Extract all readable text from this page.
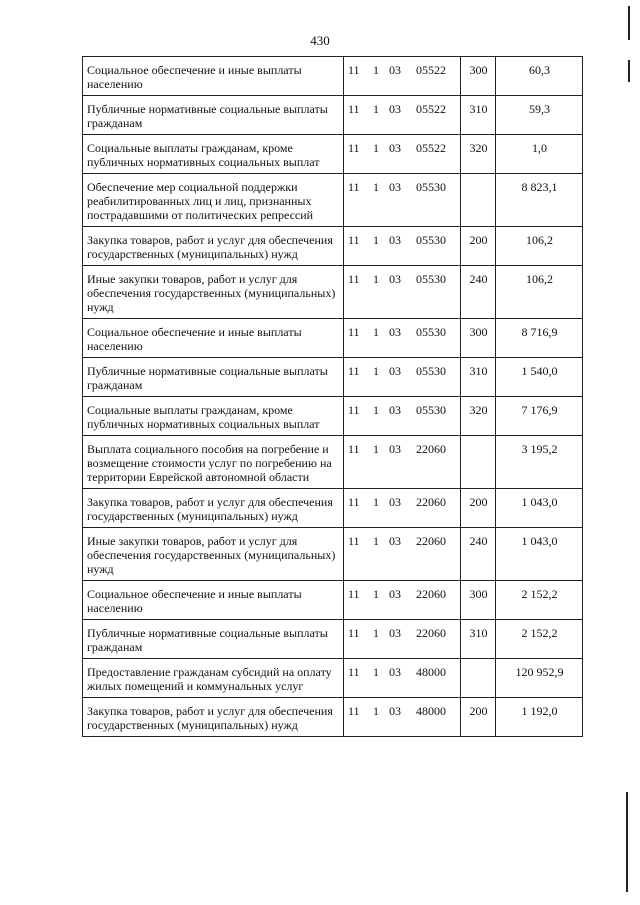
430
Социальное обеспечение и иные выплаты населению	11 1 03 05522	300	60,3
Публичные нормативные социальные выплаты гражданам	11 1 03 05522	310	59,3
Социальные выплаты гражданам, кроме публичных нормативных социальных выплат	11 1 03 05522	320	1,0
Обеспечение мер социальной поддержки реабилитированных лиц и лиц, признанных пострадавшими от политических репрессий	11 1 03 05530		8 823,1
Закупка товаров, работ и услуг для обеспечения государственных (муниципальных) нужд	11 1 03 05530	200	106,2
Иные закупки товаров, работ и услуг для обеспечения государственных (муниципальных) нужд	11 1 03 05530	240	106,2
Социальное обеспечение и иные выплаты населению	11 1 03 05530	300	8 716,9
Публичные нормативные социальные выплаты гражданам	11 1 03 05530	310	1 540,0
Социальные выплаты гражданам, кроме публичных нормативных социальных выплат	11 1 03 05530	320	7 176,9
Выплата социального пособия на погребение и возмещение стоимости услуг по погребению на территории Еврейской автономной области	11 1 03 22060		3 195,2
Закупка товаров, работ и услуг для обеспечения государственных (муниципальных) нужд	11 1 03 22060	200	1 043,0
Иные закупки товаров, работ и услуг для обеспечения государственных (муниципальных) нужд	11 1 03 22060	240	1 043,0
Социальное обеспечение и иные выплаты населению	11 1 03 22060	300	2 152,2
Публичные нормативные социальные выплаты гражданам	11 1 03 22060	310	2 152,2
Предоставление гражданам субсидий на оплату жилых помещений и коммунальных услуг	11 1 03 48000		120 952,9
Закупка товаров, работ и услуг для обеспечения государственных (муниципальных) нужд	11 1 03 48000	200	1 192,0
